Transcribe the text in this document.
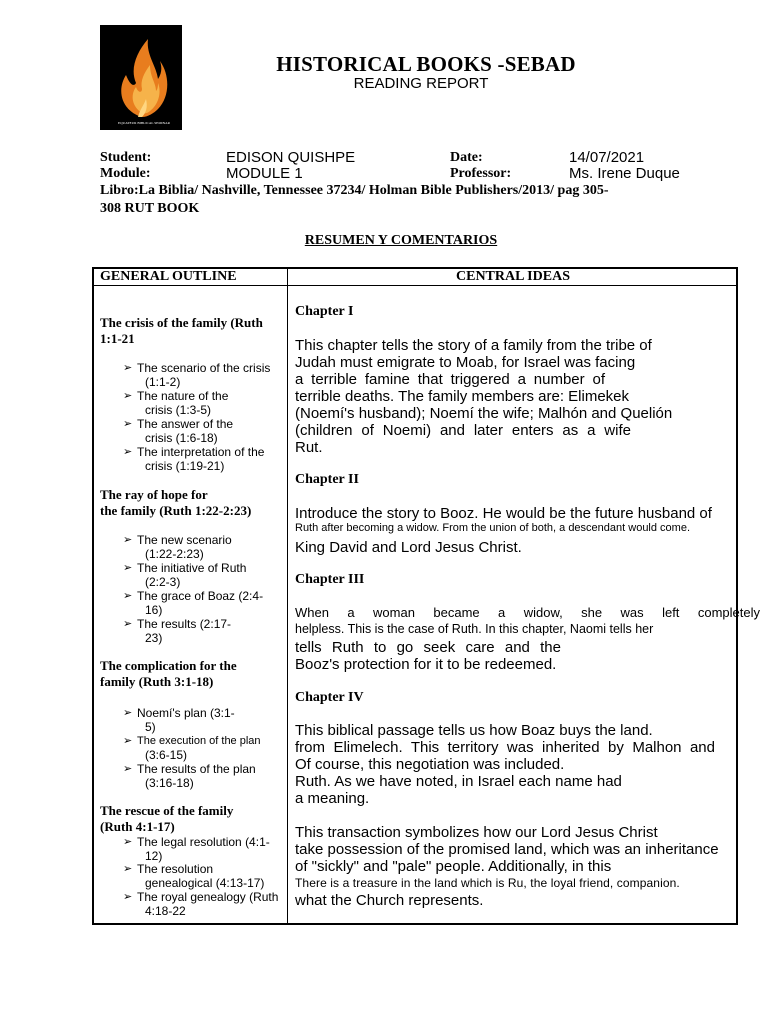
EQUATEUR BIBLICAL SEMINAR
HISTORICAL BOOKS -SEBAD
READING REPORT
Student:	EDISON QUISHPE	Date:	14/07/2021
Module:	MODULE 1	Professor:	Ms. Irene Duque
Libro:La Biblia/ Nashville, Tennessee 37234/ Holman Bible Publishers/2013/ pag 305-
308 RUT BOOK
RESUMEN Y COMENTARIOS
GENERAL OUTLINE	CENTRAL IDEAS
The crisis of the family (Ruth
1:1-21
➢ The scenario of the crisis
(1:1-2)
➢ The nature of the
crisis (1:3-5)
➢ The answer of the
crisis (1:6-18)
➢ The interpretation of the
crisis (1:19-21)
The ray of hope for
the family (Ruth 1:22-2:23)
➢ The new scenario
(1:22-2:23)
➢ The initiative of Ruth
(2:2-3)
➢ The grace of Boaz (2:4-
16)
➢ The results (2:17-
23)
The complication for the
family (Ruth 3:1-18)
➢ Noemí's plan (3:1-
5)
➢ The execution of the plan
(3:6-15)
➢ The results of the plan
(3:16-18)
The rescue of the family
(Ruth 4:1-17)
➢ The legal resolution (4:1-
12)
➢ The resolution
genealogical (4:13-17)
➢ The royal genealogy (Ruth
4:18-22
Chapter I
This chapter tells the story of a family from the tribe of
Judah must emigrate to Moab, for Israel was facing
a terrible famine that triggered a number of
terrible deaths. The family members are: Elimekek
(Noemí's husband); Noemí the wife; Malhón and Quelión
(children of Noemi) and later enters as a wife
Rut.
Chapter II
Introduce the story to Booz. He would be the future husband of
Ruth after becoming a widow. From the union of both, a descendant would come.
King David and Lord Jesus Christ.
Chapter III
When a woman became a widow, she was left completely
helpless. This is the case of Ruth. In this chapter, Naomi tells her
tells Ruth to go seek care and the
Booz's protection for it to be redeemed.
Chapter IV
This biblical passage tells us how Boaz buys the land.
from Elimelech. This territory was inherited by Malhon and
Of course, this negotiation was included.
Ruth. As we have noted, in Israel each name had
a meaning.
This transaction symbolizes how our Lord Jesus Christ
take possession of the promised land, which was an inheritance
of "sickly" and "pale" people. Additionally, in this
There is a treasure in the land which is Ru, the loyal friend, companion.
what the Church represents.
